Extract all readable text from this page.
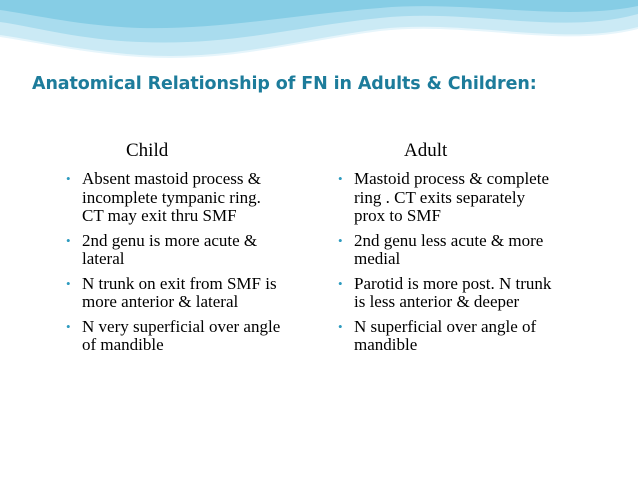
Anatomical Relationship of FN in Adults & Children:
Child
• Absent mastoid process & incomplete tympanic ring. CT may exit thru SMF
• 2nd genu is more acute & lateral
• N trunk on exit from SMF is more anterior & lateral
• N very superficial over angle of mandible
Adult
• Mastoid process & complete ring . CT exits separately prox to SMF
• 2nd genu less acute & more medial
• Parotid is more post. N trunk is less anterior & deeper
• N superficial over angle of mandible
